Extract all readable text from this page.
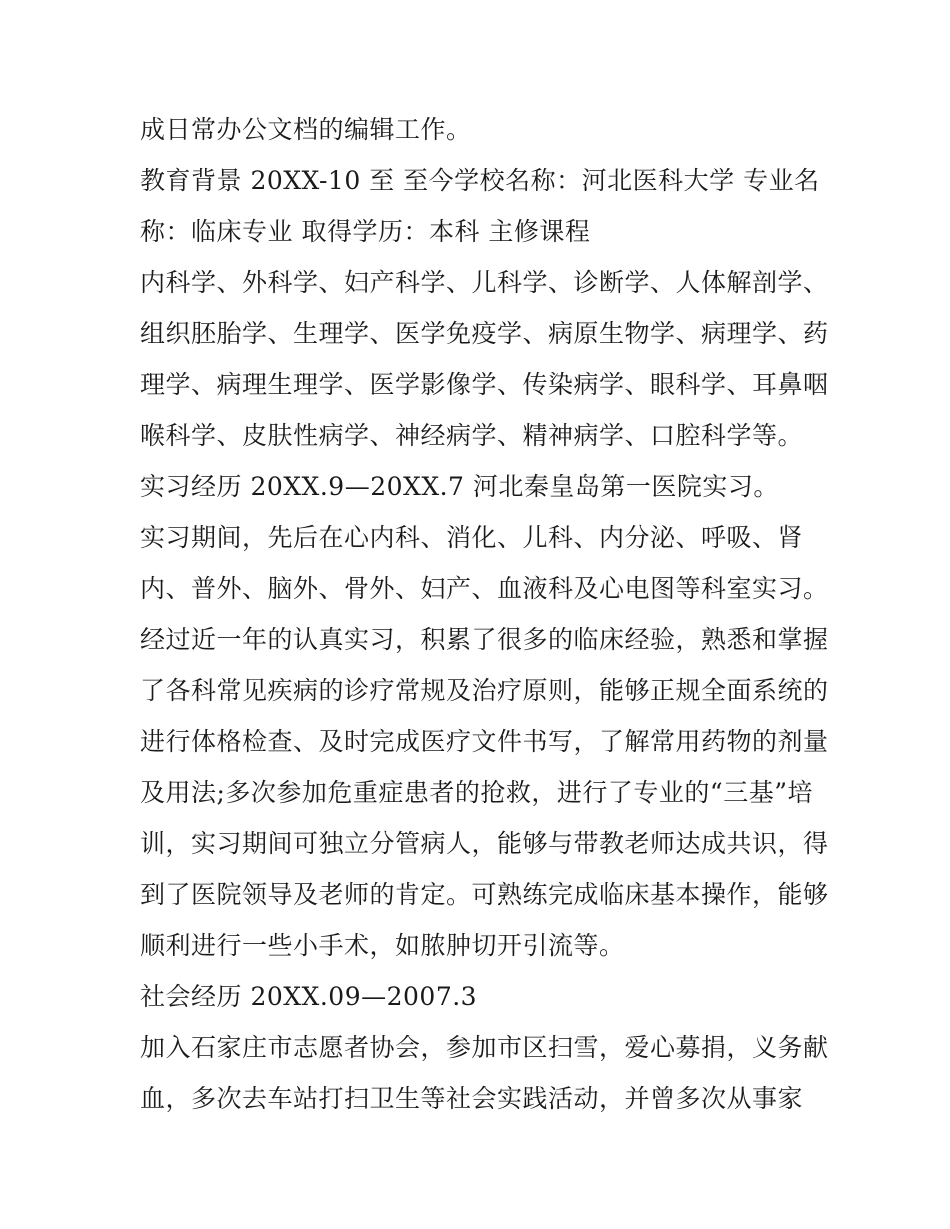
成日常办公文档的编辑工作。
教育背景 20XX-10 至 至今学校名称：河北医科大学 专业名
称：临床专业 取得学历：本科 主修课程
内科学、外科学、妇产科学、儿科学、诊断学、人体解剖学、
组织胚胎学、生理学、医学免疫学、病原生物学、病理学、药
理学、病理生理学、医学影像学、传染病学、眼科学、耳鼻咽
喉科学、皮肤性病学、神经病学、精神病学、口腔科学等。
实习经历 20XX.9—20XX.7 河北秦皇岛第一医院实习。
实习期间，先后在心内科、消化、儿科、内分泌、呼吸、肾
内、普外、脑外、骨外、妇产、血液科及心电图等科室实习。
经过近一年的认真实习，积累了很多的临床经验，熟悉和掌握
了各科常见疾病的诊疗常规及治疗原则，能够正规全面系统的
进行体格检查、及时完成医疗文件书写，了解常用药物的剂量
及用法;多次参加危重症患者的抢救，进行了专业的“三基”培
训，实习期间可独立分管病人，能够与带教老师达成共识，得
到了医院领导及老师的肯定。可熟练完成临床基本操作，能够
顺利进行一些小手术，如脓肿切开引流等。
社会经历 20XX.09—2007.3
加入石家庄市志愿者协会，参加市区扫雪，爱心募捐，义务献
血，多次去车站打扫卫生等社会实践活动，并曾多次从事家
